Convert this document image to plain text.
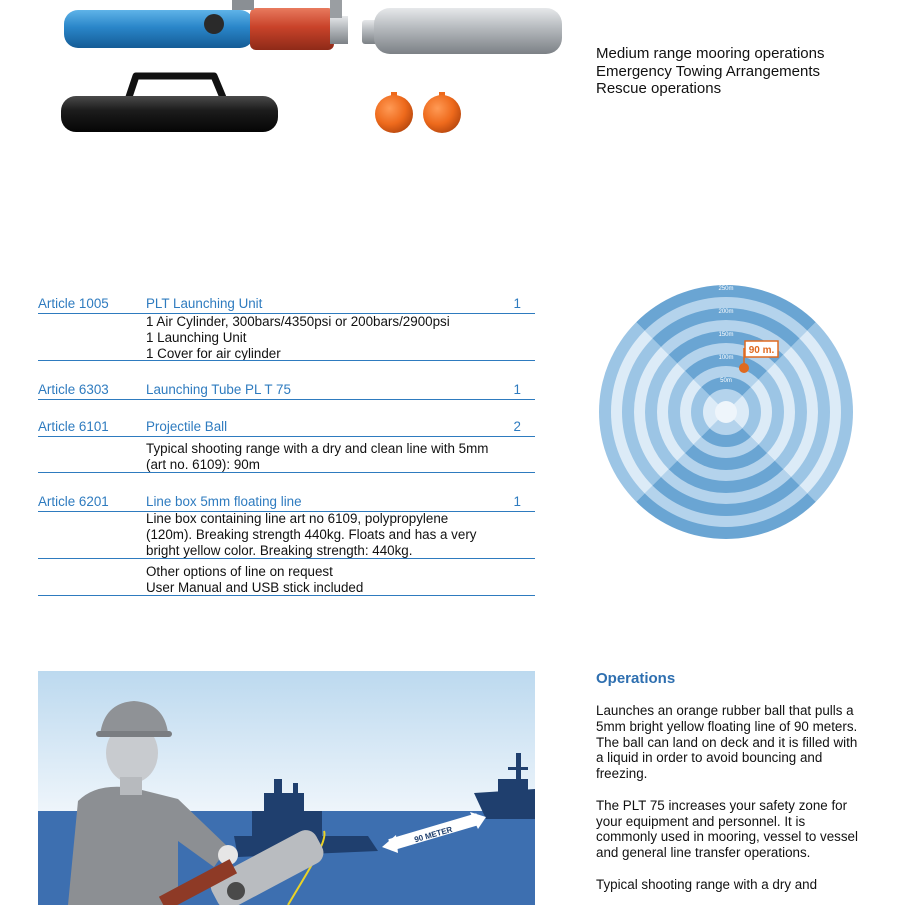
Medium range mooring operations
Emergency Towing Arrangements
Rescue operations
Article 1005	PLT Launching Unit	1
1 Air Cylinder, 300bars/4350psi or 200bars/2900psi
1 Launching Unit
1 Cover for air cylinder
Article 6303	Launching Tube PL T 75	1
Article 6101	Projectile Ball	2
Typical shooting range with a dry and clean line with 5mm
(art no. 6109): 90m
Article 6201	Line box 5mm floating line	1
Line box containing line art no 6109, polypropylene
(120m). Breaking strength 440kg. Floats and has a very
bright yellow color. Breaking strength: 440kg.
Other options of line on request
User Manual and USB stick included
250m
200m
150m
100m
50m
90 m.
90 METER
Operations

Launches an orange rubber ball that pulls a 5mm bright yellow floating line of 90 meters. The ball can land on deck and it is filled with a liquid in order to avoid bouncing and freezing.

The PLT 75 increases your safety zone for your equipment and personnel. It is commonly used in mooring, vessel to vessel and general line transfer operations.

Typical shooting range with a dry and
